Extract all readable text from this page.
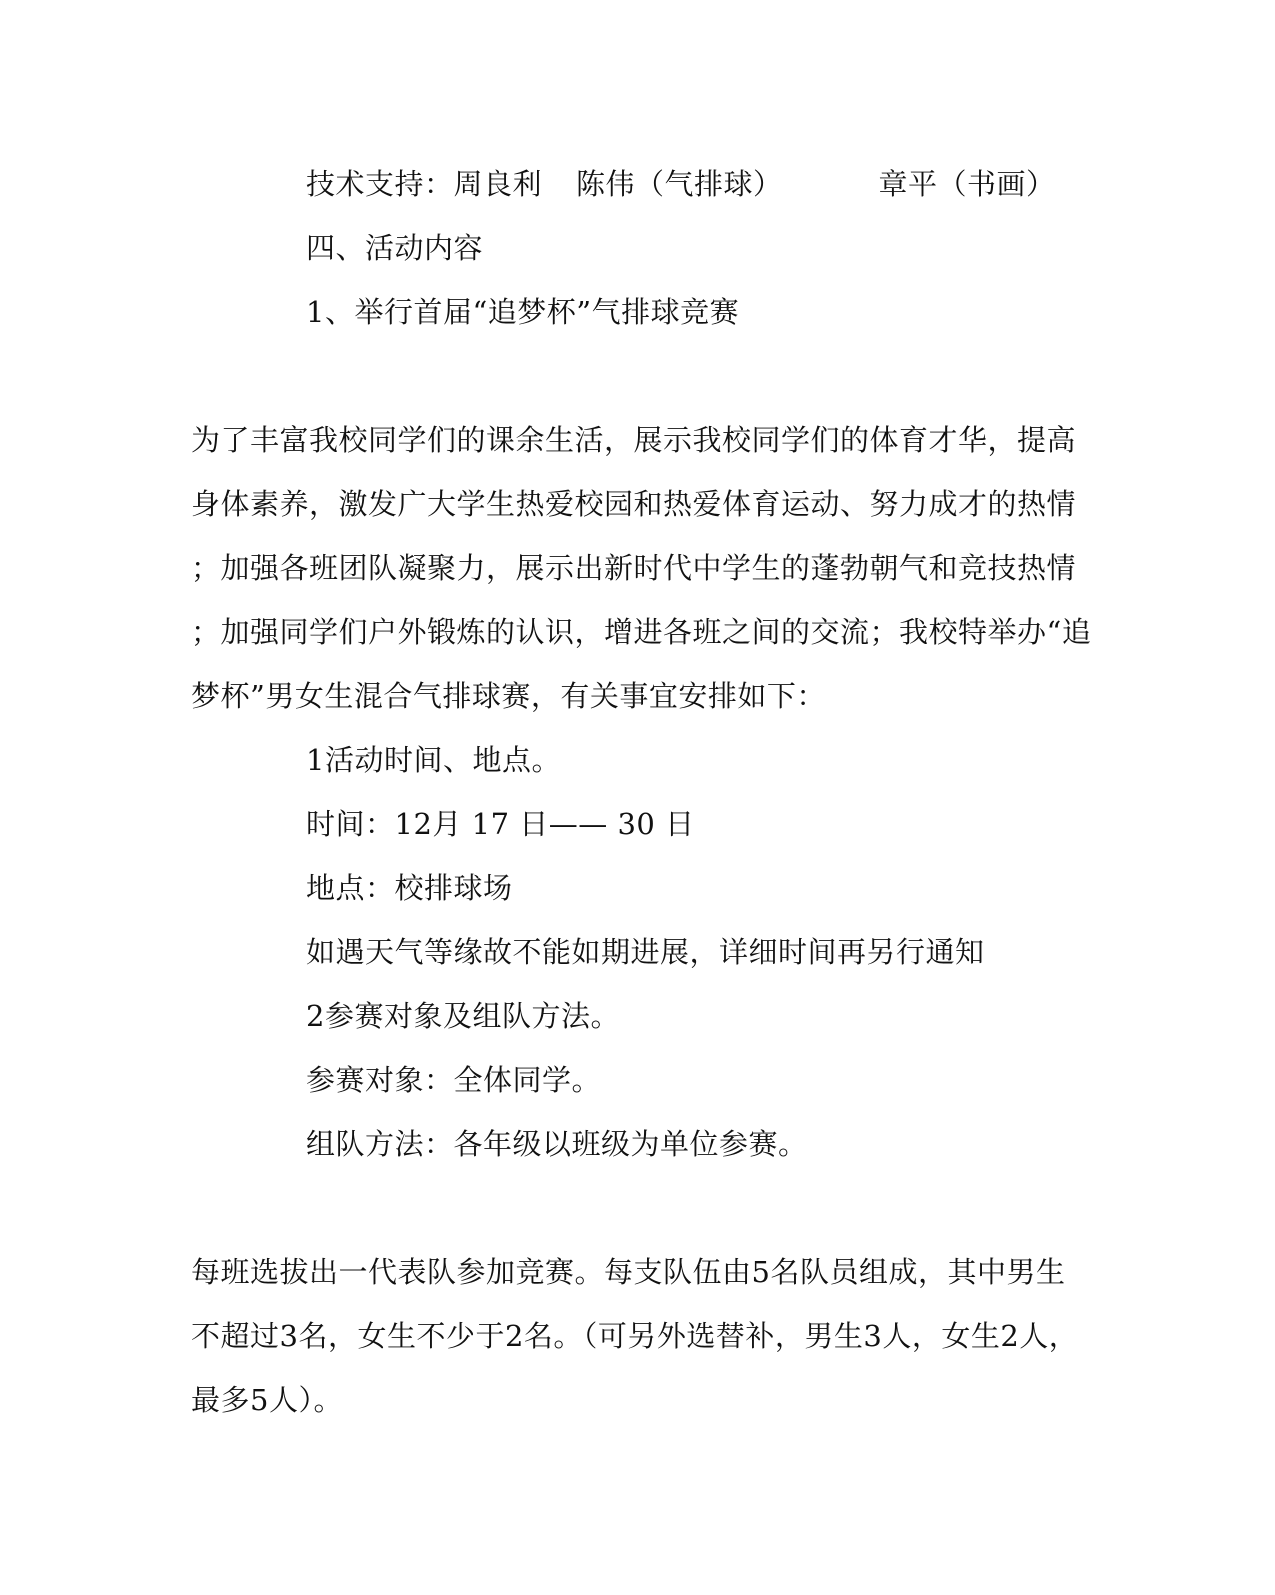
技术支持：周良利 陈伟（气排球）	章平（书画）
四、活动内容
1、举行首届“追梦杯”气排球竞赛
为了丰富我校同学们的课余生活，展示我校同学们的体育才华，提高
身体素养，激发广大学生热爱校园和热爱体育运动、努力成才的热情
；加强各班团队凝聚力，展示出新时代中学生的蓬勃朝气和竞技热情
；加强同学们户外锻炼的认识，增进各班之间的交流；我校特举办“追
梦杯”男女生混合气排球赛，有关事宜安排如下：
1活动时间、地点。
时间：12月 17 日—— 30 日
地点：校排球场
如遇天气等缘故不能如期进展，详细时间再另行通知
2参赛对象及组队方法。
参赛对象：全体同学。
组队方法：各年级以班级为单位参赛。
每班选拔出一代表队参加竞赛。每支队伍由5名队员组成，其中男生
不超过3名，女生不少于2名。（可另外选替补，男生3人，女生2人，
最多5人）。
